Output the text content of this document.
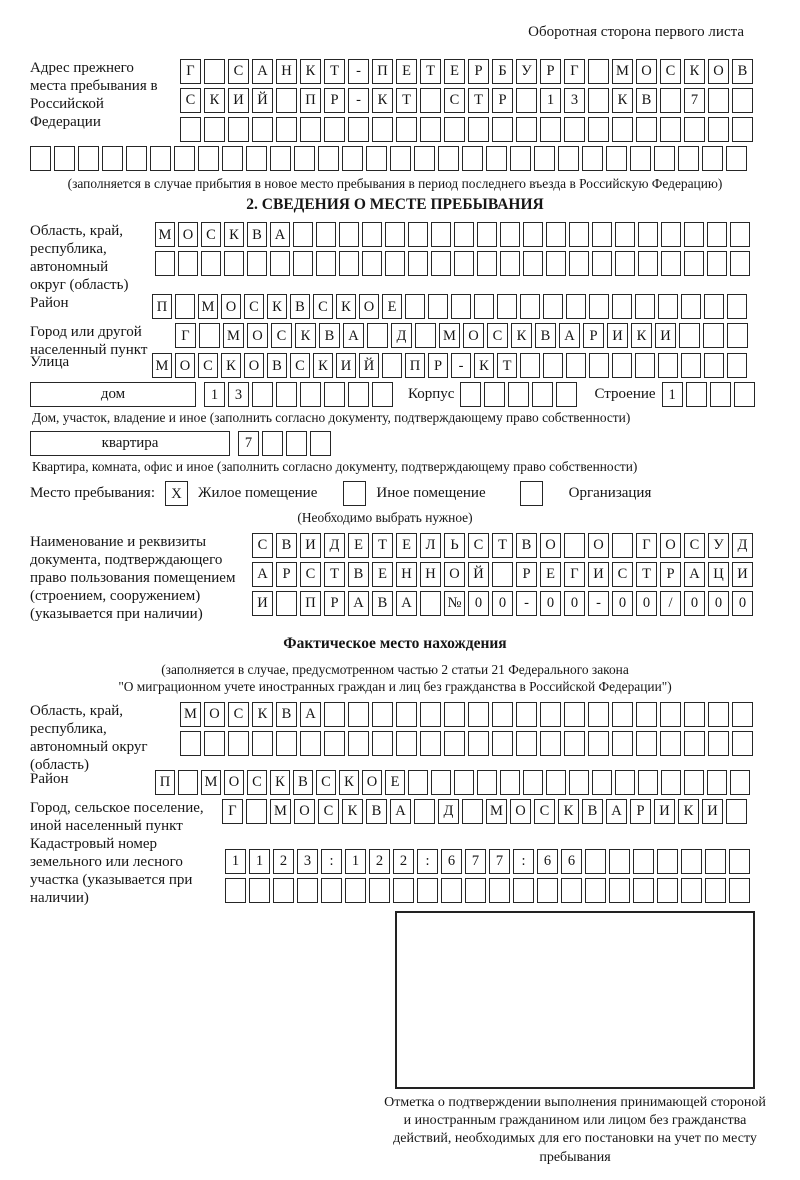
Оборотная сторона первого листа
Адрес прежнего места пребывания в Российской Федерации
Г	С А Н К	Т	-	П Е	Т	Е	Р	Б	У	Р	Г	М О С К О В
С К И Й	П	Р	-	К	Т	С	Т	Р	1	3	К В	7
(заполняется в случае прибытия в новое место пребывания в период последнего въезда в Российскую Федерацию)
2. СВЕДЕНИЯ О МЕСТЕ ПРЕБЫВАНИЯ
Область, край, республика, автономный округ (область)
М О С К В А
Район	П	М О С К В С К О Е
Город или другой населенный пункт
Г	М О С К В А	Д	М О С К В А	Р	И К И
Улица	М О С К О В С К И Й	П Р	-	К Т
дом	1	3	Корпус	Строение 1
Дом, участок, владение и иное (заполнить согласно документу, подтверждающему право собственности)
квартира	7
Квартира, комната, офис и иное (заполнить согласно документу, подтверждающему право собственности)
Место пребывания:	X	Жилое помещение	Иное помещение	Организация
(Необходимо выбрать нужное)
Наименование и реквизиты документа, подтверждающего право пользования помещением (строением, сооружением) (указывается при наличии)
С В И Д	Е	Т	Е	Л	Ь	С	Т	В О	О	Г	О С У Д
А	Р	С	Т	В	Е Н Н О Й	Р	Е	Г	И С	Т	Р	А Ц И
И	П	Р	А В А	№ 0	0	-	0	0	-	0	0	/	0	0	0
Фактическое место нахождения
(заполняется в случае, предусмотренном частью 2 статьи 21 Федерального закона
"О миграционном учете иностранных граждан и лиц без гражданства в Российской Федерации")
Область, край, республика, автономный округ (область)
М О С К В А
Район	П	М О С К В С К О Е
Город, сельское поселение, иной населенный пункт
Г	М О С К В А	Д	М О С К В А	Р	И К И
Кадастровый номер земельного или лесного участка (указывается при наличии)
1	1	2	3	:	1	2	2	:	6	7	7	:	6	6
Отметка о подтверждении выполнения принимающей стороной и иностранным гражданином или лицом без гражданства действий, необходимых для его постановки на учет по месту пребывания
